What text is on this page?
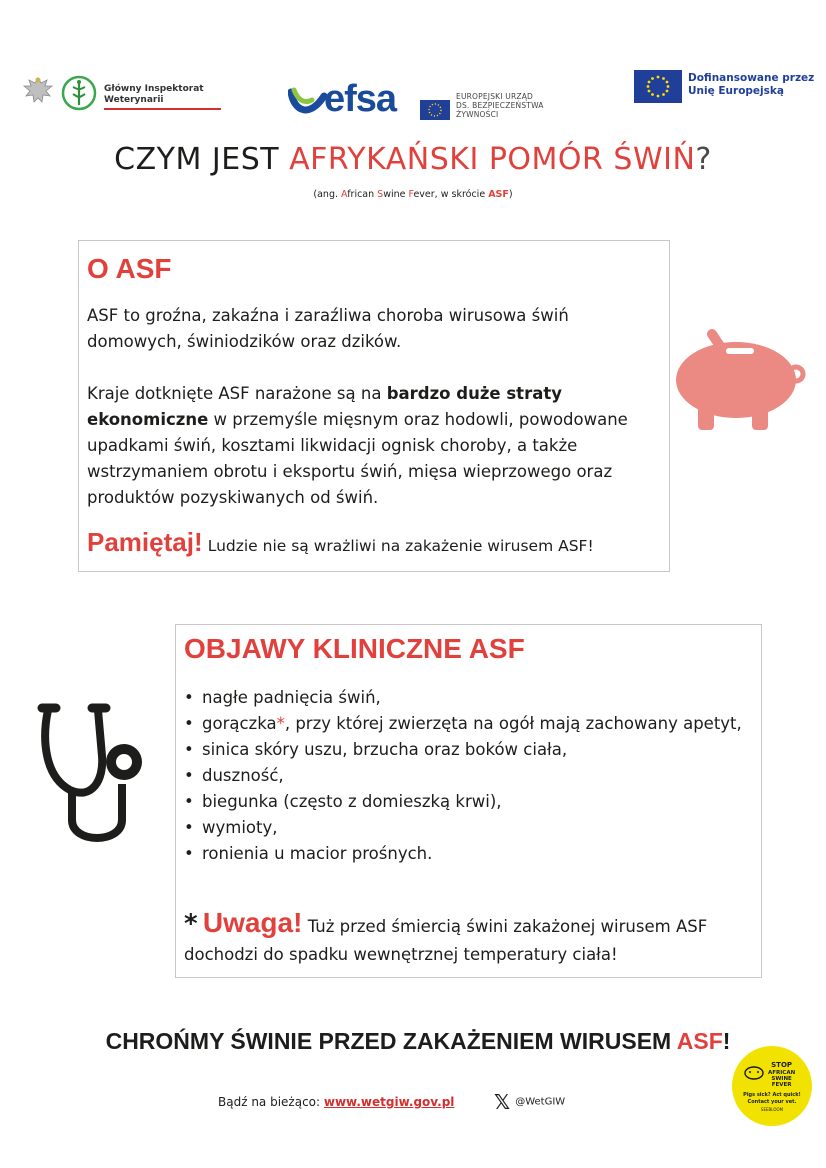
Główny Inspektorat
Weterynarii	efsa	EUROPEJSKI URZĄD
DS. BEZPIECZEŃSTWA
ŻYWNOŚCI
Dofinansowane przez
Unię Europejską
CZYM JEST AFRYKAŃSKI POMÓR ŚWIŃ?
(ang. African Swine Fever, w skrócie ASF)
O ASF
ASF to groźna, zakaźna i zaraźliwa choroba wirusowa świń domowych, świniodzików oraz dzików.
Kraje dotknięte ASF narażone są na bardzo duże straty ekonomiczne w przemyśle mięsnym oraz hodowli, powodowane upadkami świń, kosztami likwidacji ognisk choroby, a także wstrzymaniem obrotu i eksportu świń, mięsa wieprzowego oraz produktów pozyskiwanych od świń.
Pamiętaj! Ludzie nie są wrażliwi na zakażenie wirusem ASF!
OBJAWY KLINICZNE ASF
• nagłe padnięcia świń,
• gorączka*, przy której zwierzęta na ogół mają zachowany apetyt,
• sinica skóry uszu, brzucha oraz boków ciała,
• duszność,
• biegunka (często z domieszką krwi),
• wymioty,
• ronienia u macior prośnych.
* Uwaga! Tuż przed śmiercią świni zakażonej wirusem ASF dochodzi do spadku wewnętrznej temperatury ciała!
CHROŃMY ŚWINIE PRZED ZAKAŻENIEM WIRUSEM ASF!
Bądź na bieżąco: www.wetgiw.gov.pl 𝕏 @WetGIW
STOP
AFRICAN
SWINE
FEVER
Pigs sick? Act quick!
Contact your vet.
SEEBLOOM
